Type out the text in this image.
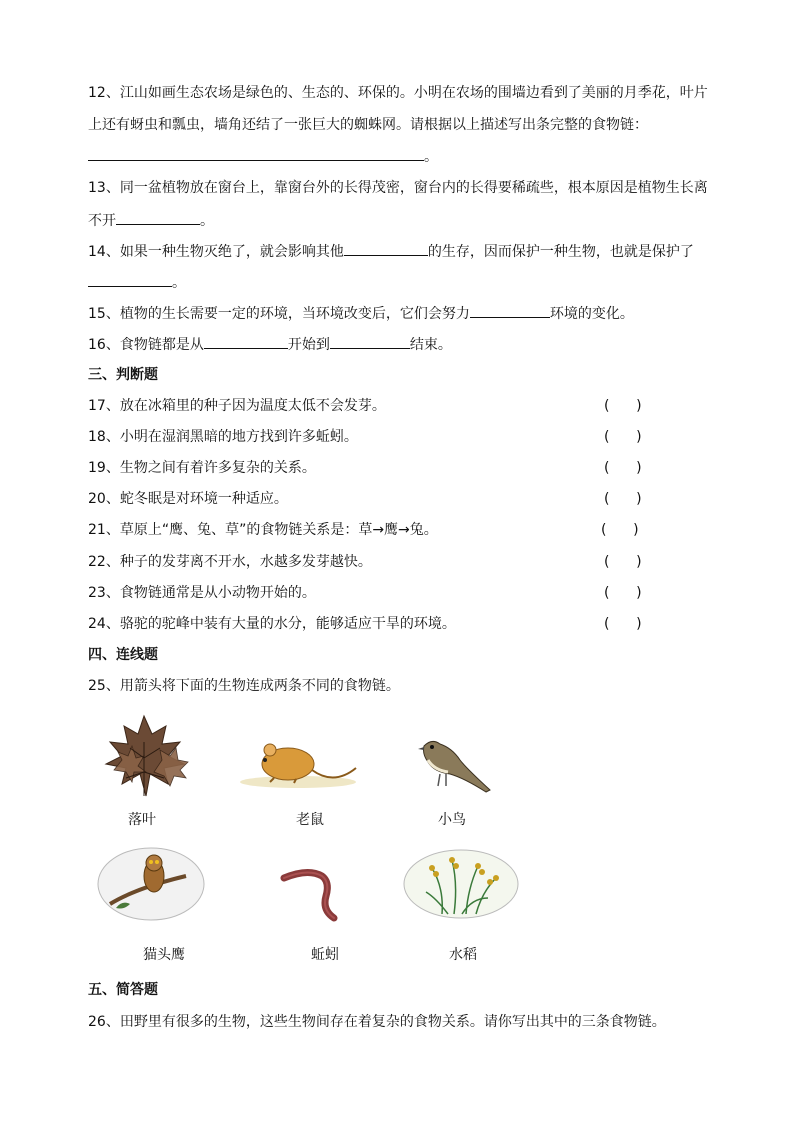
12、江山如画生态农场是绿色的、生态的、环保的。小明在农场的围墙边看到了美丽的月季花，叶片
上还有蚜虫和瓢虫，墙角还结了一张巨大的蜘蛛网。请根据以上描述写出条完整的食物链：
。
13、同一盆植物放在窗台上，靠窗台外的长得茂密，窗台内的长得要稀疏些，根本原因是植物生长离
不开	。
14、如果一种生物灭绝了，就会影响其他	的生存，因而保护一种生物，也就是保护了
。
15、植物的生长需要一定的环境，当环境改变后，它们会努力	环境的变化。
16、食物链都是从	开始到	结束。
三、判断题
17、放在冰箱里的种子因为温度太低不会发芽。	(      )
18、小明在湿润黑暗的地方找到许多蚯蚓。	(      )
19、生物之间有着许多复杂的关系。	(      )
20、蛇冬眠是对环境一种适应。	(      )
21、草原上“鹰、兔、草”的食物链关系是：草→鹰→兔。	(      )
22、种子的发芽离不开水，水越多发芽越快。	(      )
23、食物链通常是从小动物开始的。	(      )
24、骆驼的驼峰中装有大量的水分，能够适应干旱的环境。	(      )
四、连线题
25、用箭头将下面的生物连成两条不同的食物链。
落叶	老鼠	小鸟
猫头鹰	蚯蚓	水稻
五、简答题
26、田野里有很多的生物，这些生物间存在着复杂的食物关系。请你写出其中的三条食物链。
